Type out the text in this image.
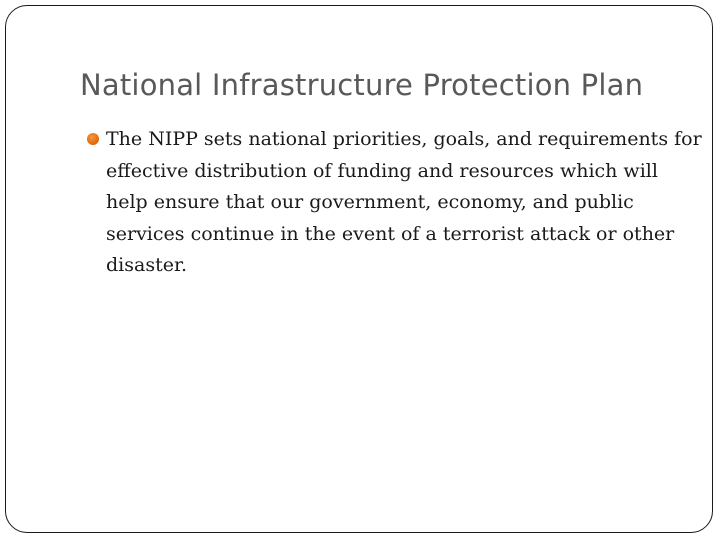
National Infrastructure Protection Plan
The NIPP sets national priorities, goals, and requirements for effective distribution of funding and resources which will help ensure that our government, economy, and public services continue in the event of a terrorist attack or other disaster.
